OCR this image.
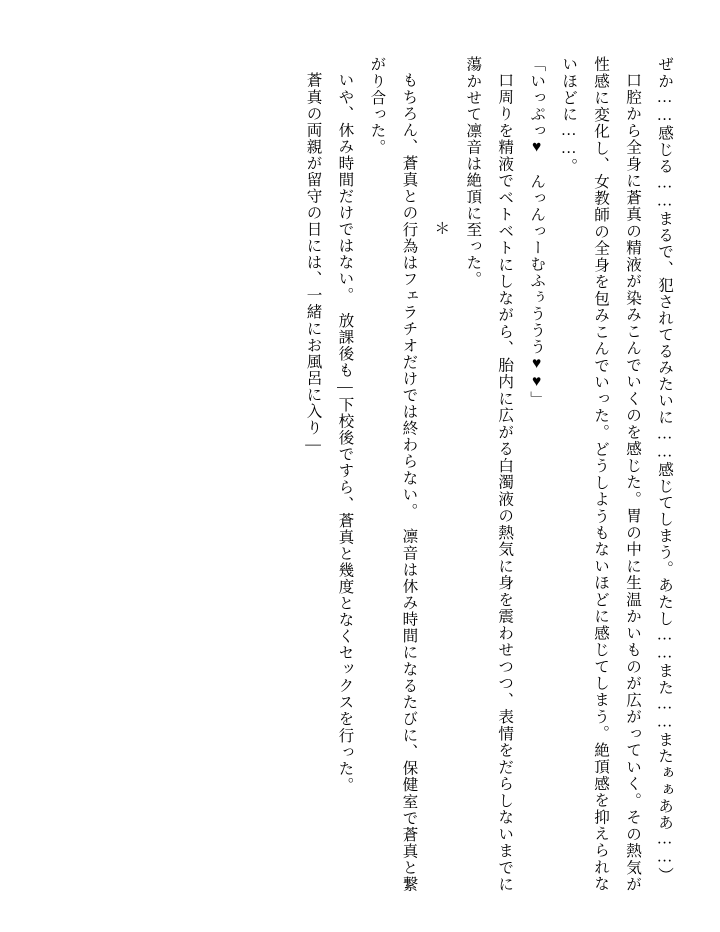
ぜか……感じる……まるで、犯されてるみたいに……感じてしまう。あたし……また……またぁぁああ……）

口腔から全身に蒼真の精液が染みこんでいくのを感じた。胃の中に生温かいものが広がっていく。その熱気が性感に変化し、女教師の全身を包みこんでいった。どうしようもないほどに感じてしまう。絶頂感を抑えられないほどに……。

「いっぷっ♥　んっんっーむふぅううう♥♥」

口周りを精液でベトベトにしながら、胎内に広がる白濁液の熱気に身を震わせつつ、表情をだらしないまでに蕩かせて凛音は絶頂に至った。

＊

もちろん、蒼真との行為はフェラチオだけでは終わらない。　凛音は休み時間になるたびに、保健室で蒼真と繋がり合った。

いや、休み時間だけではない。　放課後も―下校後ですら、蒼真と幾度となくセックスを行った。

蒼真の両親が留守の日には、一緒にお風呂に入り―
